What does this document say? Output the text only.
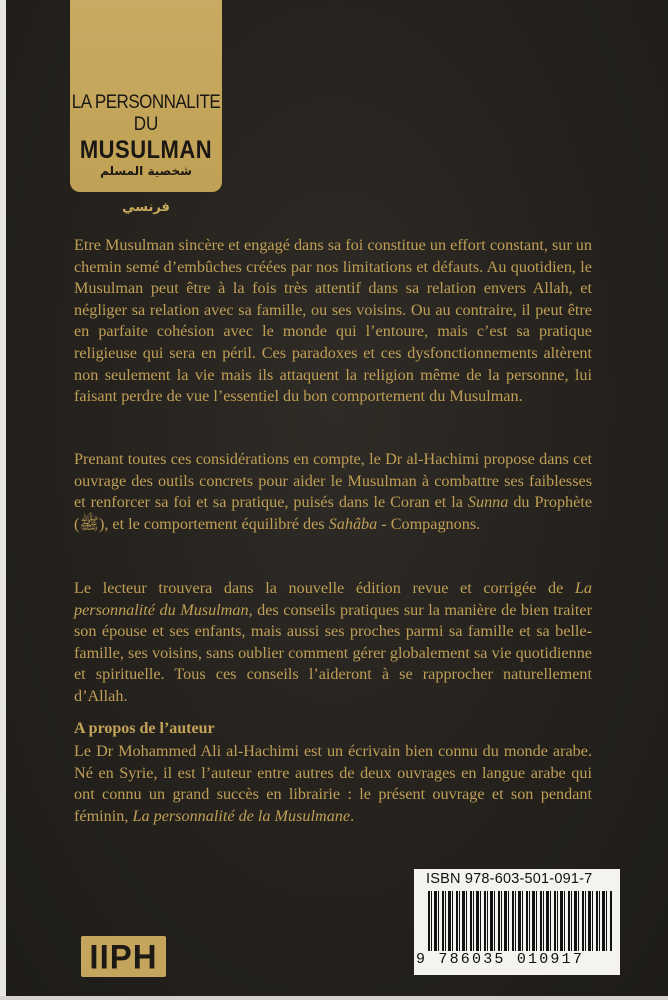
LA PERSONNALITE
DU
MUSULMAN
شخصية المسلم
فرنسي

Etre Musulman sincère et engagé dans sa foi constitue un effort constant, sur un chemin semé d’embûches créées par nos limitations et défauts. Au quotidien, le Musulman peut être à la fois très attentif dans sa relation envers Allah, et négliger sa relation avec sa famille, ou ses voisins. Ou au contraire, il peut être en parfaite cohésion avec le monde qui l’entoure, mais c’est sa pratique religieuse qui sera en péril. Ces paradoxes et ces dysfonctionnements altèrent non seulement la vie mais ils attaquent la religion même de la personne, lui faisant perdre de vue l’essentiel du bon comportement du Musulman.

Prenant toutes ces considérations en compte, le Dr al-Hachimi propose dans cet ouvrage des outils concrets pour aider le Musulman à combattre ses faiblesses et renforcer sa foi et sa pratique, puisés dans le Coran et la Sunna du Prophète (ﷺ), et le comportement équilibré des Sahâba - Compagnons.

Le lecteur trouvera dans la nouvelle édition revue et corrigée de La personnalité du Musulman, des conseils pratiques sur la manière de bien traiter son épouse et ses enfants, mais aussi ses proches parmi sa famille et sa belle-famille, ses voisins, sans oublier comment gérer globalement sa vie quotidienne et spirituelle. Tous ces conseils l’aideront à se rapprocher naturellement d’Allah.

A propos de l’auteur

Le Dr Mohammed Ali al-Hachimi est un écrivain bien connu du monde arabe. Né en Syrie, il est l’auteur entre autres de deux ouvrages en langue arabe qui ont connu un grand succès en librairie : le présent ouvrage et son pendant féminin, La personnalité de la Musulmane.

ISBN 978-603-501-091-7
9 786035 010917
IIPH
